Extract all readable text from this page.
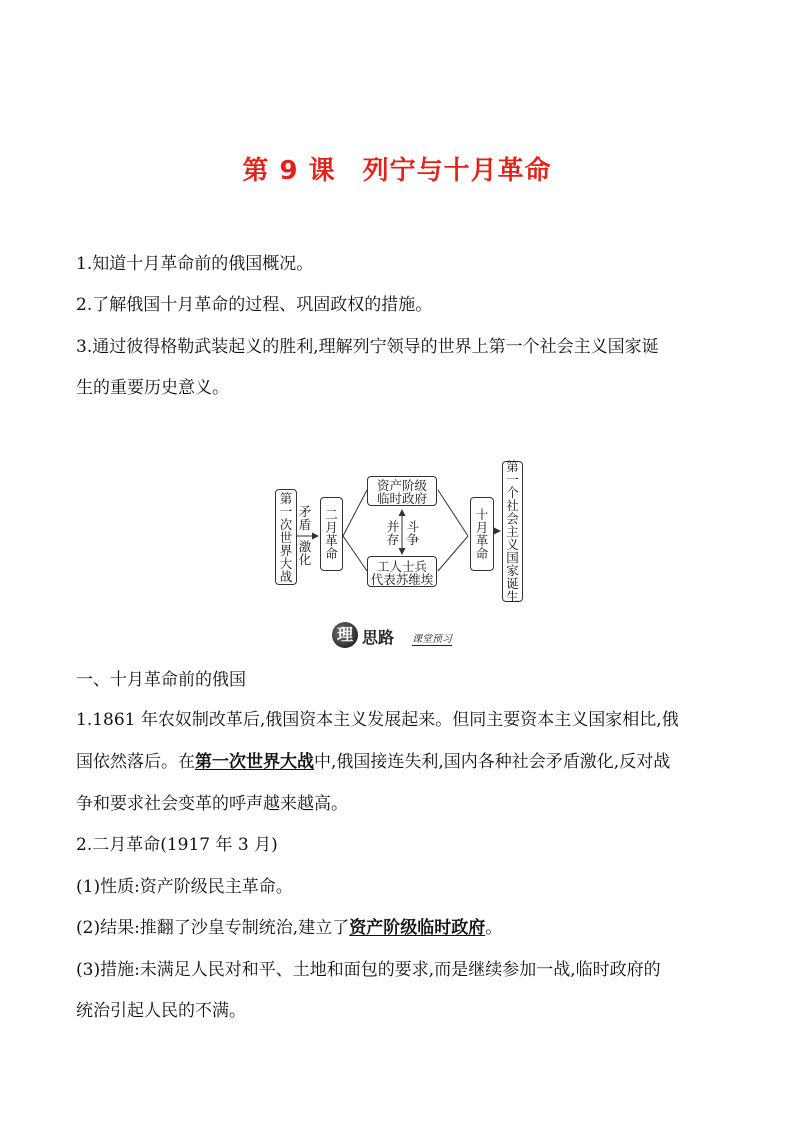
第 9 课　列宁与十月革命
1.知道十月革命前的俄国概况。
2.了解俄国十月革命的过程、巩固政权的措施。
3.通过彼得格勒武装起义的胜利,理解列宁领导的世界上第一个社会主义国家诞
生的重要历史意义。
第
一
次
世
界
大
战
矛
盾
激
化
二
月
革
命
资产阶级
临时政府
并
存
斗
争
工人士兵
代表苏维埃
十
月
革
命
第
一
个
社
会
主
义
国
家
诞
生
理 思路 课堂预习
一、十月革命前的俄国
1.1861 年农奴制改革后,俄国资本主义发展起来。但同主要资本主义国家相比,俄
国依然落后。在第一次世界大战中,俄国接连失利,国内各种社会矛盾激化,反对战
争和要求社会变革的呼声越来越高。
2.二月革命(1917 年 3 月)
(1)性质:资产阶级民主革命。
(2)结果:推翻了沙皇专制统治,建立了资产阶级临时政府。
(3)措施:未满足人民对和平、土地和面包的要求,而是继续参加一战,临时政府的
统治引起人民的不满。
